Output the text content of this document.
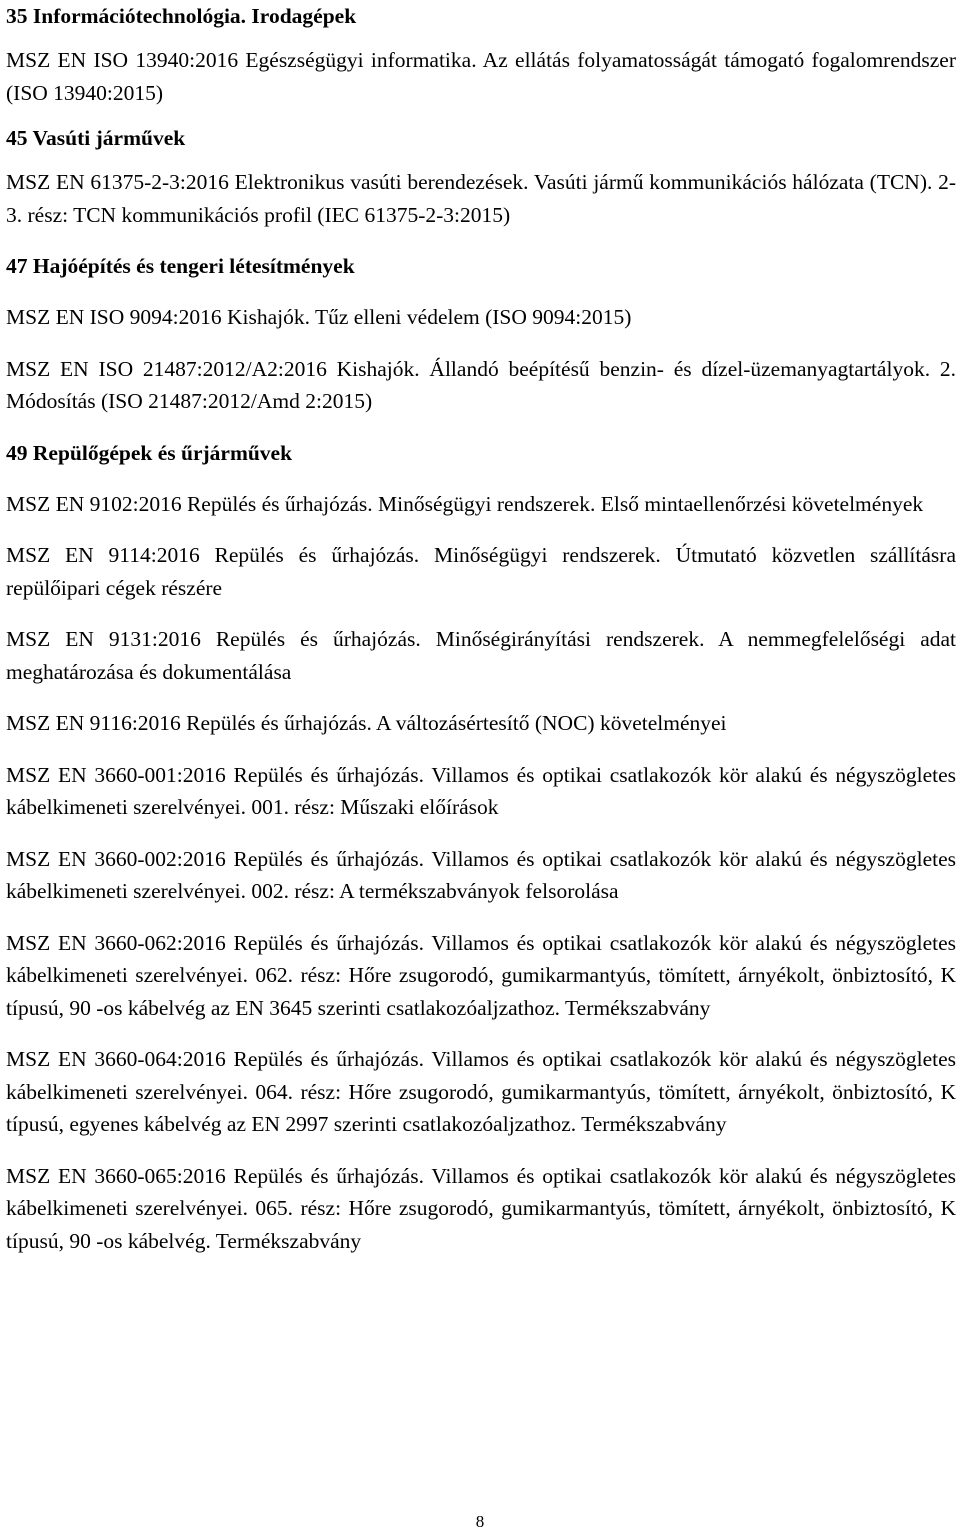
35 Információtechnológia. Irodagépek
MSZ EN ISO 13940:2016 Egészségügyi informatika. Az ellátás folyamatosságát támogató fogalomrendszer (ISO 13940:2015)
45 Vasúti járművek
MSZ EN 61375-2-3:2016 Elektronikus vasúti berendezések. Vasúti jármű kommunikációs hálózata (TCN). 2-3. rész: TCN kommunikációs profil (IEC 61375-2-3:2015)
47 Hajóépítés és tengeri létesítmények
MSZ EN ISO 9094:2016 Kishajók. Tűz elleni védelem (ISO 9094:2015)
MSZ EN ISO 21487:2012/A2:2016 Kishajók. Állandó beépítésű benzin- és dízel-üzemanyagtartályok. 2. Módosítás (ISO 21487:2012/Amd 2:2015)
49 Repülőgépek és űrjárművek
MSZ EN 9102:2016 Repülés és űrhajózás. Minőségügyi rendszerek. Első mintaellenőrzési követelmények
MSZ EN 9114:2016 Repülés és űrhajózás. Minőségügyi rendszerek. Útmutató közvetlen szállításra repülőipari cégek részére
MSZ EN 9131:2016 Repülés és űrhajózás. Minőségirányítási rendszerek. A nemmegfelelőségi adat meghatározása és dokumentálása
MSZ EN 9116:2016 Repülés és űrhajózás. A változásértesítő (NOC) követelményei
MSZ EN 3660-001:2016 Repülés és űrhajózás. Villamos és optikai csatlakozók kör alakú és négyszögletes kábelkimeneti szerelvényei. 001. rész: Műszaki előírások
MSZ EN 3660-002:2016 Repülés és űrhajózás. Villamos és optikai csatlakozók kör alakú és négyszögletes kábelkimeneti szerelvényei. 002. rész: A termékszabványok felsorolása
MSZ EN 3660-062:2016 Repülés és űrhajózás. Villamos és optikai csatlakozók kör alakú és négyszögletes kábelkimeneti szerelvényei. 062. rész: Hőre zsugorodó, gumikarmantyús, tömített, árnyékolt, önbiztosító, K típusú, 90 -os kábelvég az EN 3645 szerinti csatlakozóaljzathoz. Termékszabvány
MSZ EN 3660-064:2016 Repülés és űrhajózás. Villamos és optikai csatlakozók kör alakú és négyszögletes kábelkimeneti szerelvényei. 064. rész: Hőre zsugorodó, gumikarmantyús, tömített, árnyékolt, önbiztosító, K típusú, egyenes kábelvég az EN 2997 szerinti csatlakozóaljzathoz. Termékszabvány
MSZ EN 3660-065:2016 Repülés és űrhajózás. Villamos és optikai csatlakozók kör alakú és négyszögletes kábelkimeneti szerelvényei. 065. rész: Hőre zsugorodó, gumikarmantyús, tömített, árnyékolt, önbiztosító, K típusú, 90 -os kábelvég. Termékszabvány
8
